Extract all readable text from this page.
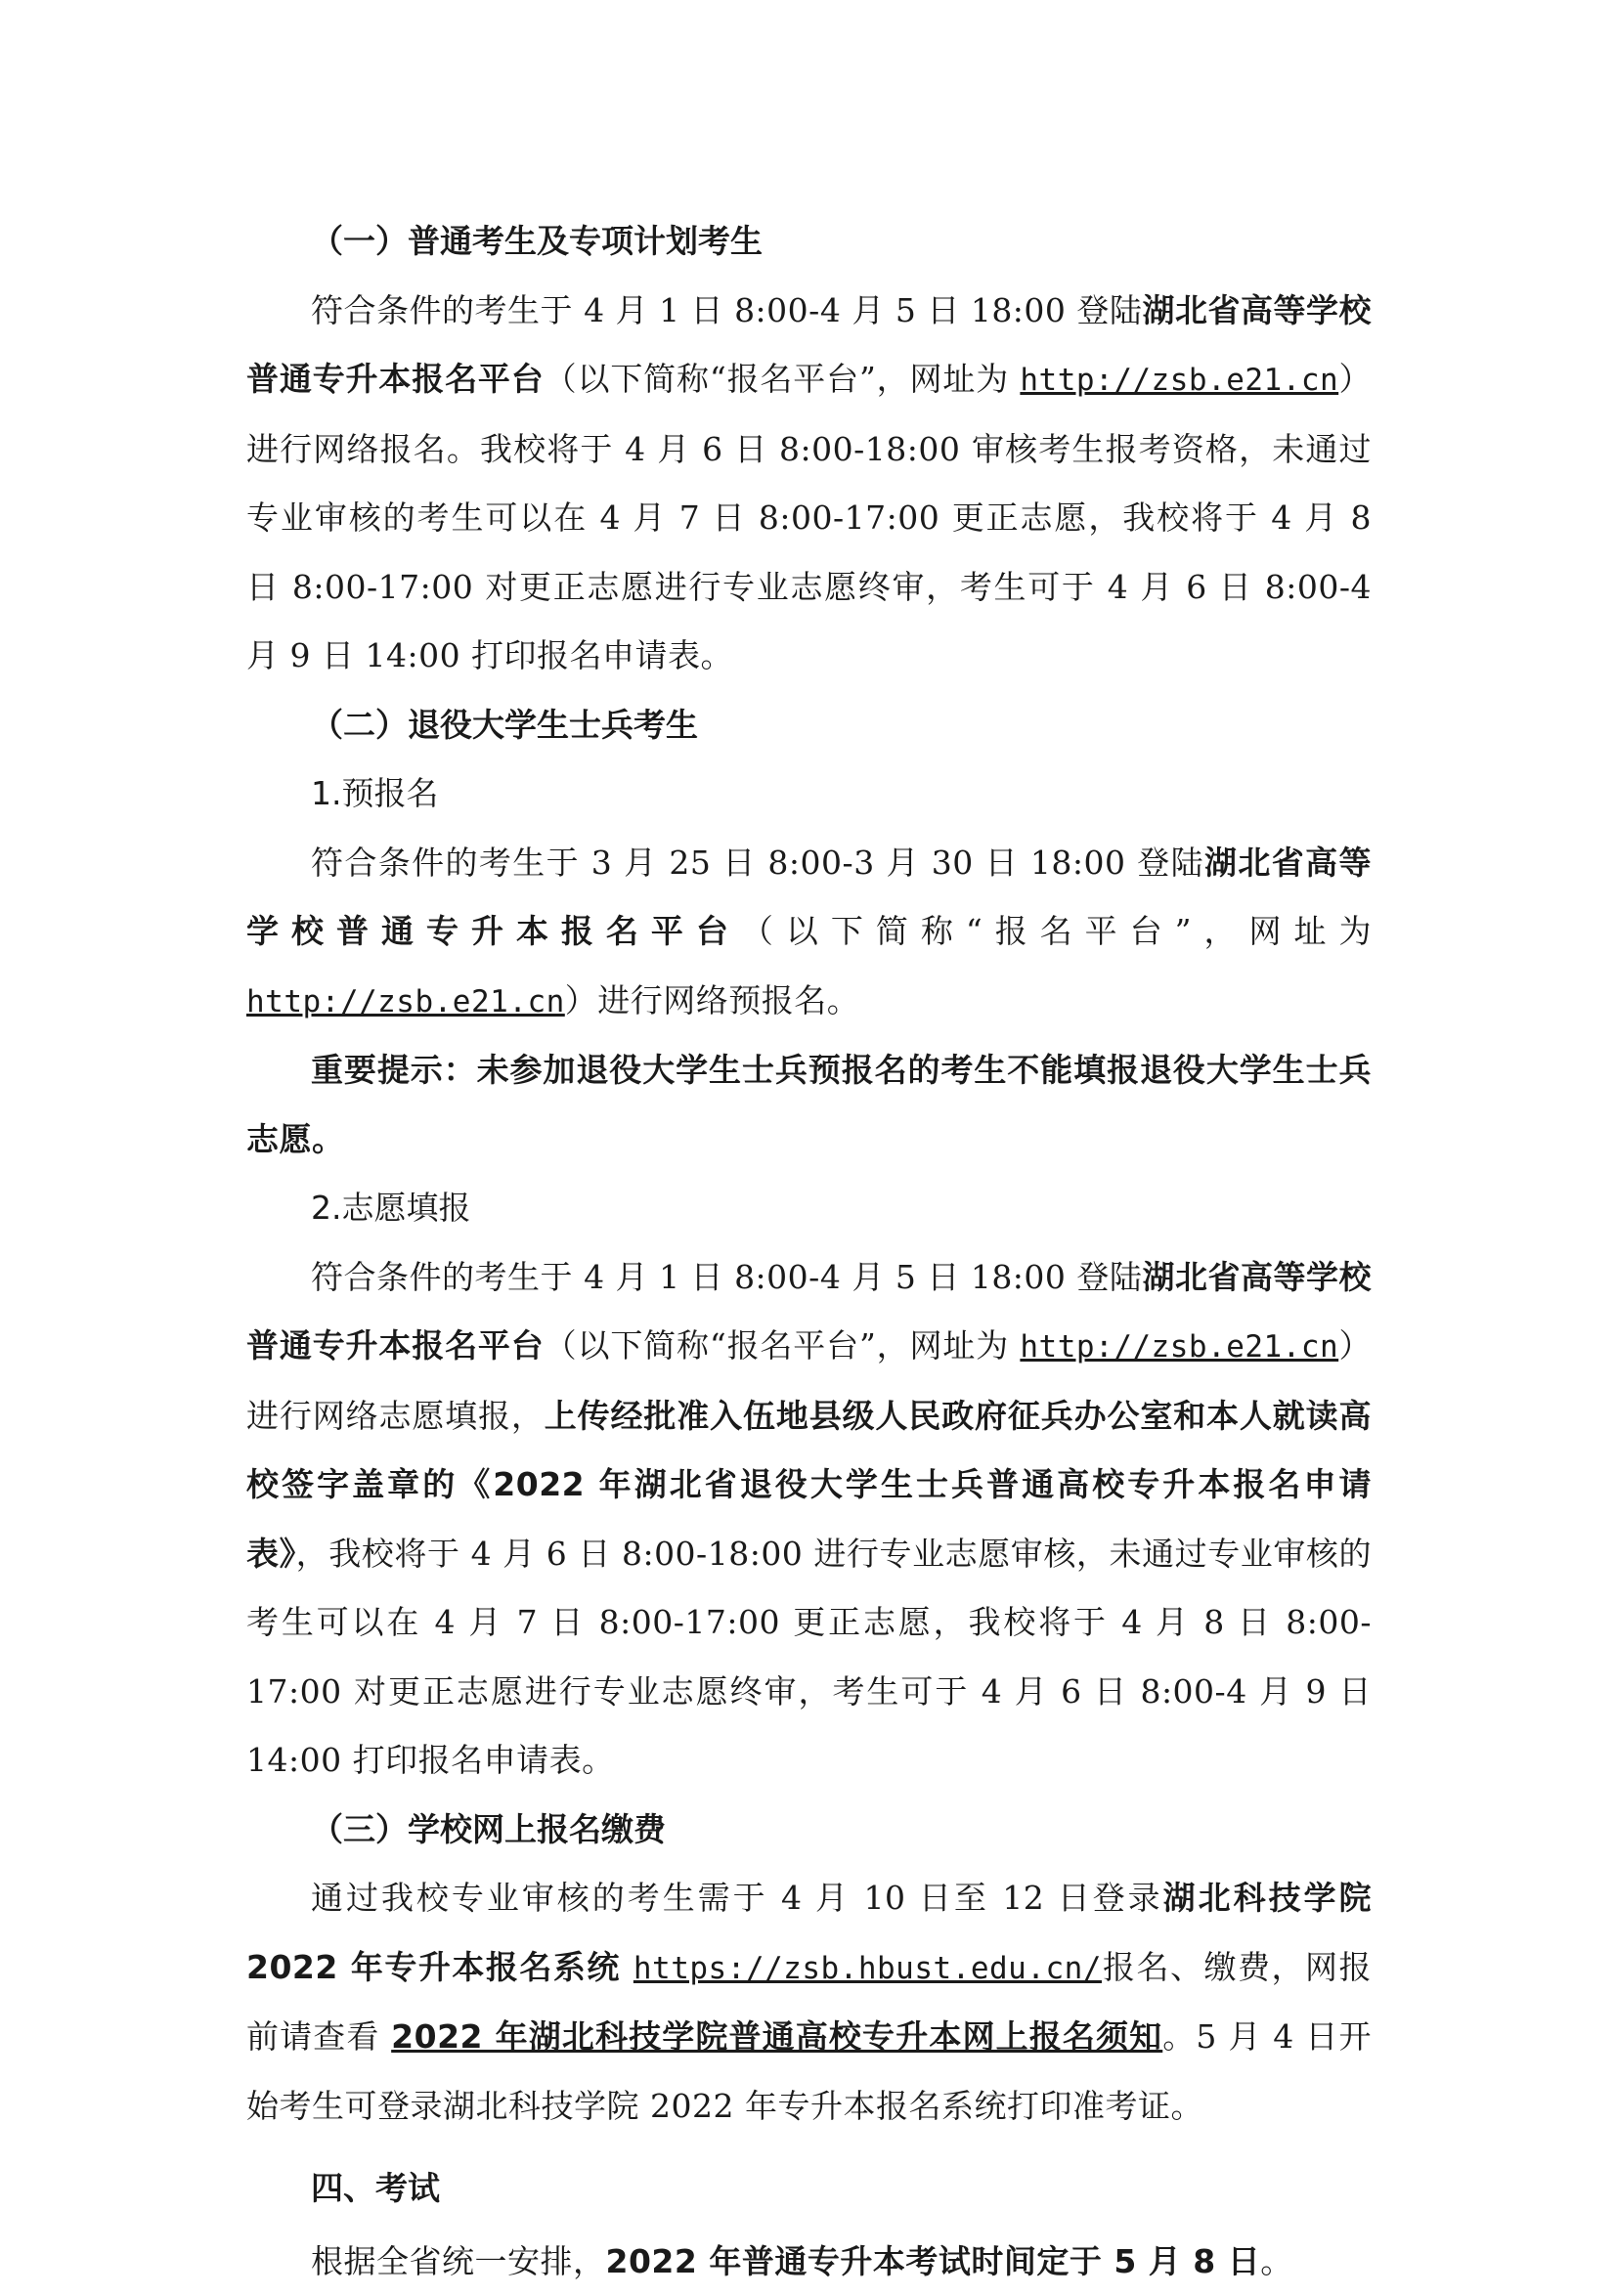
（一）普通考生及专项计划考生

符合条件的考生于 4 月 1 日 8:00-4 月 5 日 18:00 登陆湖北省高等学校普通专升本报名平台（以下简称“报名平台”，网址为 http://zsb.e21.cn）进行网络报名。我校将于 4 月 6 日 8:00-18:00 审核考生报考资格，未通过专业审核的考生可以在 4 月 7 日 8:00-17:00 更正志愿，我校将于 4 月 8 日 8:00-17:00 对更正志愿进行专业志愿终审，考生可于 4 月 6 日 8:00-4 月 9 日 14:00 打印报名申请表。

（二）退役大学生士兵考生

1.预报名

符合条件的考生于 3 月 25 日 8:00-3 月 30 日 18:00 登陆湖北省高等学校普通专升本报名平台（以下简称“报名平台”，网址为 http://zsb.e21.cn）进行网络预报名。

重要提示：未参加退役大学生士兵预报名的考生不能填报退役大学生士兵志愿。

2.志愿填报

符合条件的考生于 4 月 1 日 8:00-4 月 5 日 18:00 登陆湖北省高等学校普通专升本报名平台（以下简称“报名平台”，网址为 http://zsb.e21.cn）进行网络志愿填报，上传经批准入伍地县级人民政府征兵办公室和本人就读高校签字盖章的《2022 年湖北省退役大学生士兵普通高校专升本报名申请表》，我校将于 4 月 6 日 8:00-18:00 进行专业志愿审核，未通过专业审核的考生可以在 4 月 7 日 8:00-17:00 更正志愿，我校将于 4 月 8 日 8:00-17:00 对更正志愿进行专业志愿终审，考生可于 4 月 6 日 8:00-4 月 9 日 14:00 打印报名申请表。

（三）学校网上报名缴费

通过我校专业审核的考生需于 4 月 10 日至 12 日登录湖北科技学院 2022 年专升本报名系统 https://zsb.hbust.edu.cn/报名、缴费，网报前请查看 2022 年湖北科技学院普通高校专升本网上报名须知。5 月 4 日开始考生可登录湖北科技学院 2022 年专升本报名系统打印准考证。

四、考试

根据全省统一安排，2022 年普通专升本考试时间定于 5 月 8 日。
